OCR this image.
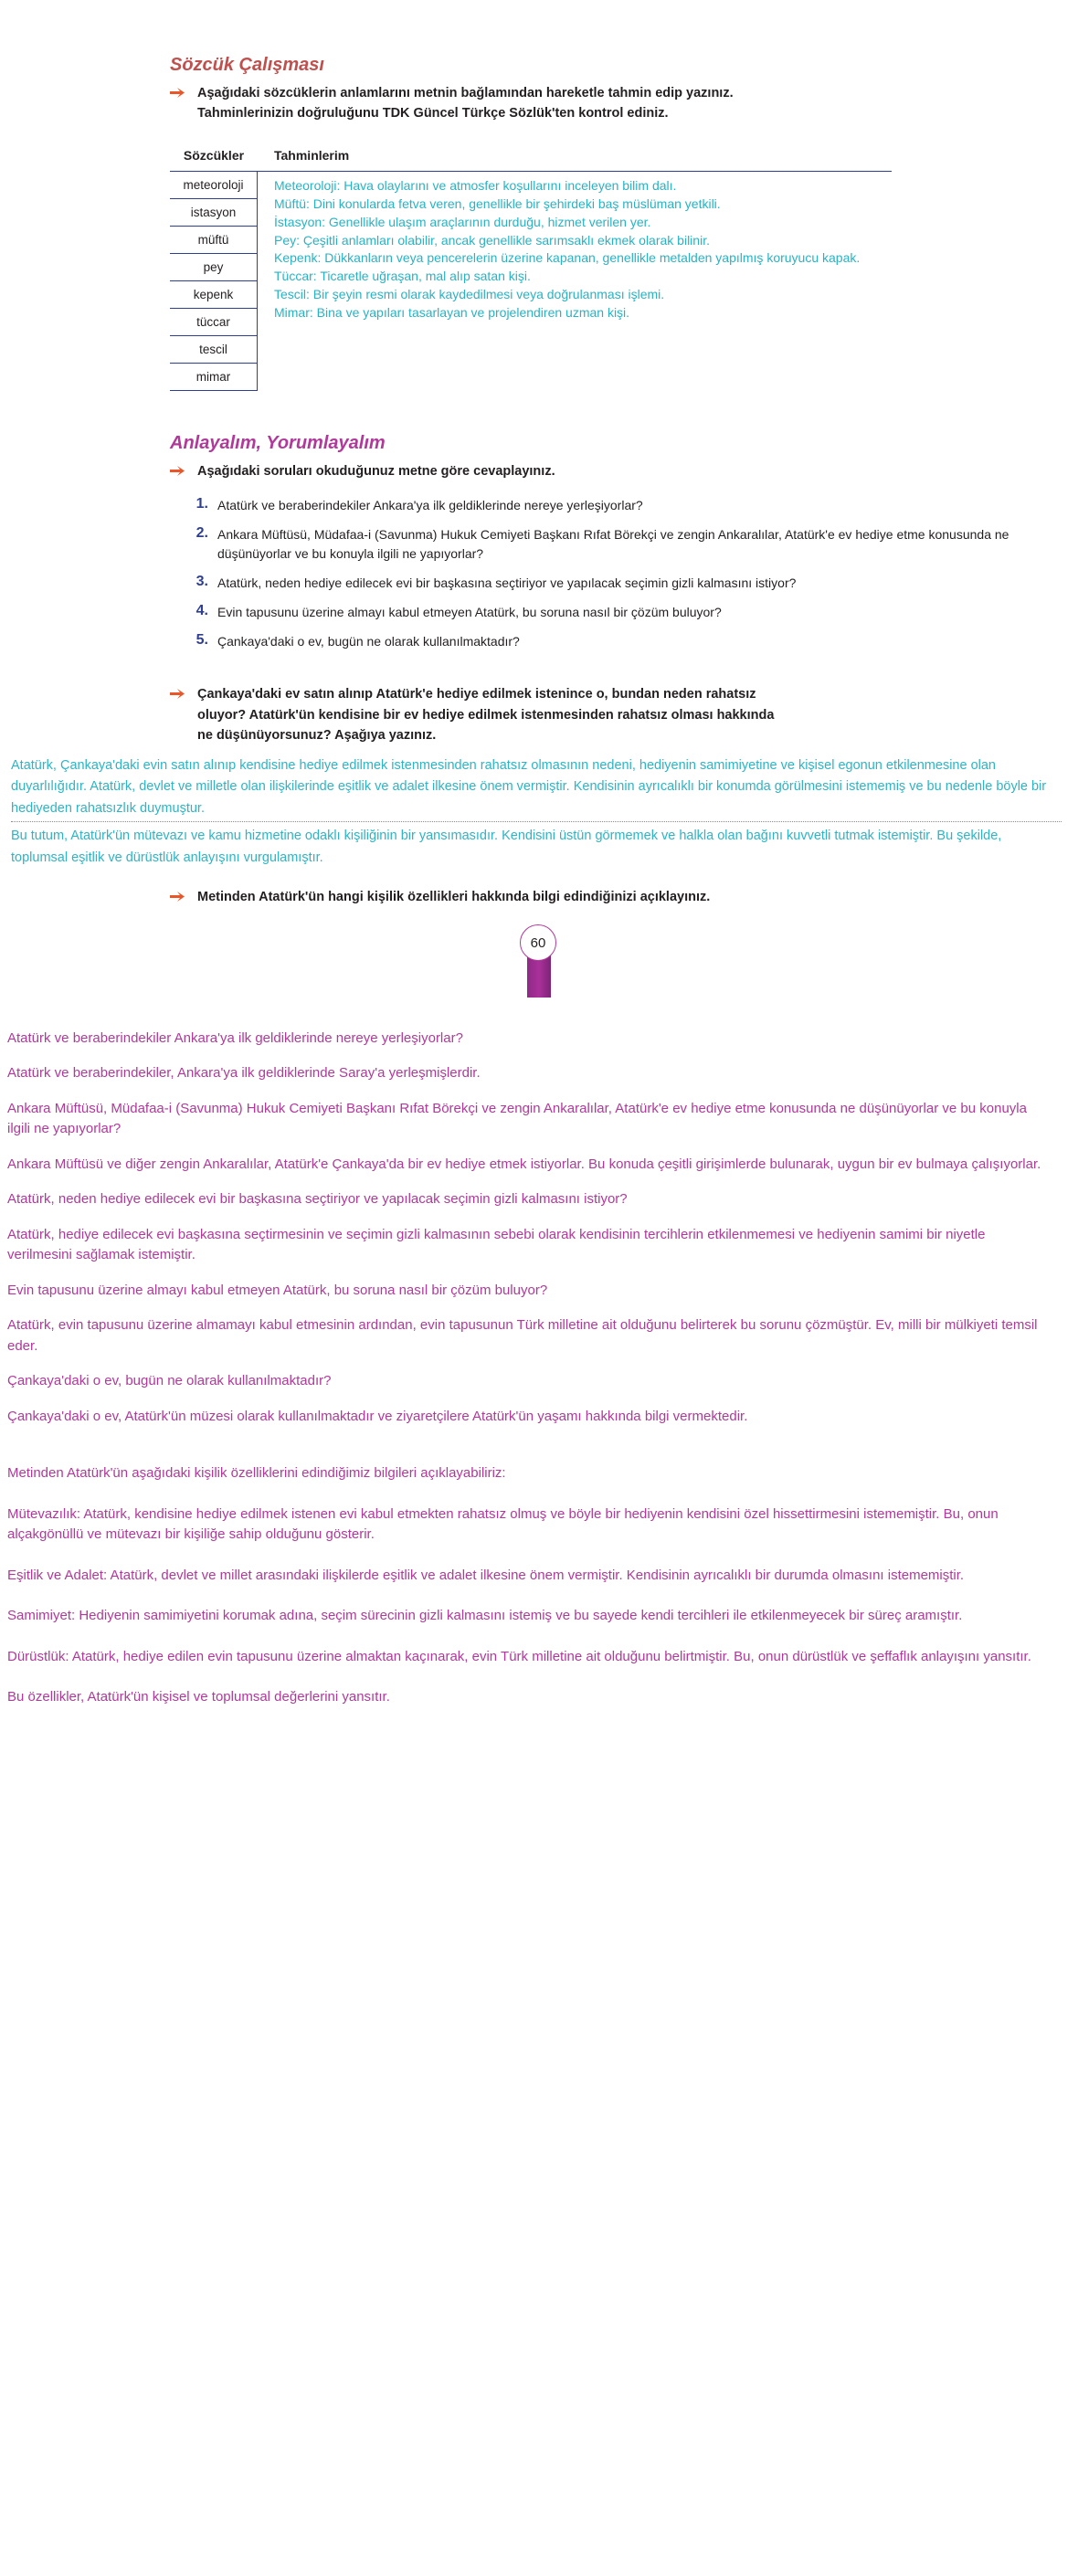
Sözcük Çalışması
Aşağıdaki sözcüklerin anlamlarını metnin bağlamından hareketle tahmin edip yazınız.
Tahminlerinizin doğruluğunu TDK Güncel Türkçe Sözlük'ten kontrol ediniz.
Sözcükler	Tahminlerim
meteoroloji
istasyon
müftü
pey
kepenk
tüccar
tescil
mimar
Meteoroloji: Hava olaylarını ve atmosfer koşullarını inceleyen bilim dalı.
Müftü: Dini konularda fetva veren, genellikle bir şehirdeki baş müslüman yetkili.
İstasyon: Genellikle ulaşım araçlarının durduğu, hizmet verilen yer.
Pey: Çeşitli anlamları olabilir, ancak genellikle sarımsaklı ekmek olarak bilinir.
Kepenk: Dükkanların veya pencerelerin üzerine kapanan, genellikle metalden yapılmış koruyucu kapak.
Tüccar: Ticaretle uğraşan, mal alıp satan kişi.
Tescil: Bir şeyin resmi olarak kaydedilmesi veya doğrulanması işlemi.
Mimar: Bina ve yapıları tasarlayan ve projelendiren uzman kişi.
Anlayalım, Yorumlayalım
Aşağıdaki soruları okuduğunuz metne göre cevaplayınız.
1. Atatürk ve beraberindekiler Ankara'ya ilk geldiklerinde nereye yerleşiyorlar?
2. Ankara Müftüsü, Müdafaa-i (Savunma) Hukuk Cemiyeti Başkanı Rıfat Börekçi ve zengin Ankaralılar, Atatürk'e ev hediye etme konusunda ne düşünüyorlar ve bu konuyla ilgili ne yapıyorlar?
3. Atatürk, neden hediye edilecek evi bir başkasına seçtiriyor ve yapılacak seçimin gizli kalmasını istiyor?
4. Evin tapusunu üzerine almayı kabul etmeyen Atatürk, bu soruna nasıl bir çözüm buluyor?
5. Çankaya'daki o ev, bugün ne olarak kullanılmaktadır?
Çankaya'daki ev satın alınıp Atatürk'e hediye edilmek istenince o, bundan neden rahatsız oluyor? Atatürk'ün kendisine bir ev hediye edilmek istenmesinden rahatsız olması hakkında ne düşünüyorsunuz? Aşağıya yazınız.

Atatürk, Çankaya'daki evin satın alınıp kendisine hediye edilmek istenmesinden rahatsız olmasının nedeni, hediyenin samimiyetine ve kişisel egonun etkilenmesine olan duyarlılığıdır. Atatürk, devlet ve milletle olan ilişkilerinde eşitlik ve adalet ilkesine önem vermiştir. Kendisinin ayrıcalıklı bir konumda görülmesini istememiş ve bu nedenle böyle bir hediyeden rahatsızlık duymuştur.

Bu tutum, Atatürk'ün mütevazı ve kamu hizmetine odaklı kişiliğinin bir yansımasıdır. Kendisini üstün görmemek ve halkla olan bağını kuvvetli tutmak istemiştir. Bu şekilde, toplumsal eşitlik ve dürüstlük anlayışını vurgulamıştır.

Metinden Atatürk'ün hangi kişilik özellikleri hakkında bilgi edindiğinizi açıklayınız.
60
Atatürk ve beraberindekiler Ankara'ya ilk geldiklerinde nereye yerleşiyorlar?
Atatürk ve beraberindekiler, Ankara'ya ilk geldiklerinde Saray'a yerleşmişlerdir.
Ankara Müftüsü, Müdafaa-i (Savunma) Hukuk Cemiyeti Başkanı Rıfat Börekçi ve zengin Ankaralılar, Atatürk'e ev hediye etme konusunda ne düşünüyorlar ve bu konuyla ilgili ne yapıyorlar?
Ankara Müftüsü ve diğer zengin Ankaralılar, Atatürk'e Çankaya'da bir ev hediye etmek istiyorlar. Bu konuda çeşitli girişimlerde bulunarak, uygun bir ev bulmaya çalışıyorlar.
Atatürk, neden hediye edilecek evi bir başkasına seçtiriyor ve yapılacak seçimin gizli kalmasını istiyor?
Atatürk, hediye edilecek evi başkasına seçtirmesinin ve seçimin gizli kalmasının sebebi olarak kendisinin tercihlerin etkilenmemesi ve hediyenin samimi bir niyetle verilmesini sağlamak istemiştir.
Evin tapusunu üzerine almayı kabul etmeyen Atatürk, bu soruna nasıl bir çözüm buluyor?
Atatürk, evin tapusunu üzerine almamayı kabul etmesinin ardından, evin tapusunun Türk milletine ait olduğunu belirterek bu sorunu çözmüştür. Ev, milli bir mülkiyeti temsil eder.
Çankaya'daki o ev, bugün ne olarak kullanılmaktadır?
Çankaya'daki o ev, Atatürk'ün müzesi olarak kullanılmaktadır ve ziyaretçilere Atatürk'ün yaşamı hakkında bilgi vermektedir.
Metinden Atatürk'ün aşağıdaki kişilik özelliklerini edindiğimiz bilgileri açıklayabiliriz:
Mütevazılık: Atatürk, kendisine hediye edilmek istenen evi kabul etmekten rahatsız olmuş ve böyle bir hediyenin kendisini özel hissettirmesini istememiştir. Bu, onun alçakgönüllü ve mütevazı bir kişiliğe sahip olduğunu gösterir.
Eşitlik ve Adalet: Atatürk, devlet ve millet arasındaki ilişkilerde eşitlik ve adalet ilkesine önem vermiştir. Kendisinin ayrıcalıklı bir durumda olmasını istememiştir.
Samimiyet: Hediyenin samimiyetini korumak adına, seçim sürecinin gizli kalmasını istemiş ve bu sayede kendi tercihleri ile etkilenmeyecek bir süreç aramıştır.
Dürüstlük: Atatürk, hediye edilen evin tapusunu üzerine almaktan kaçınarak, evin Türk milletine ait olduğunu belirtmiştir. Bu, onun dürüstlük ve şeffaflık anlayışını yansıtır.
Bu özellikler, Atatürk'ün kişisel ve toplumsal değerlerini yansıtır.
